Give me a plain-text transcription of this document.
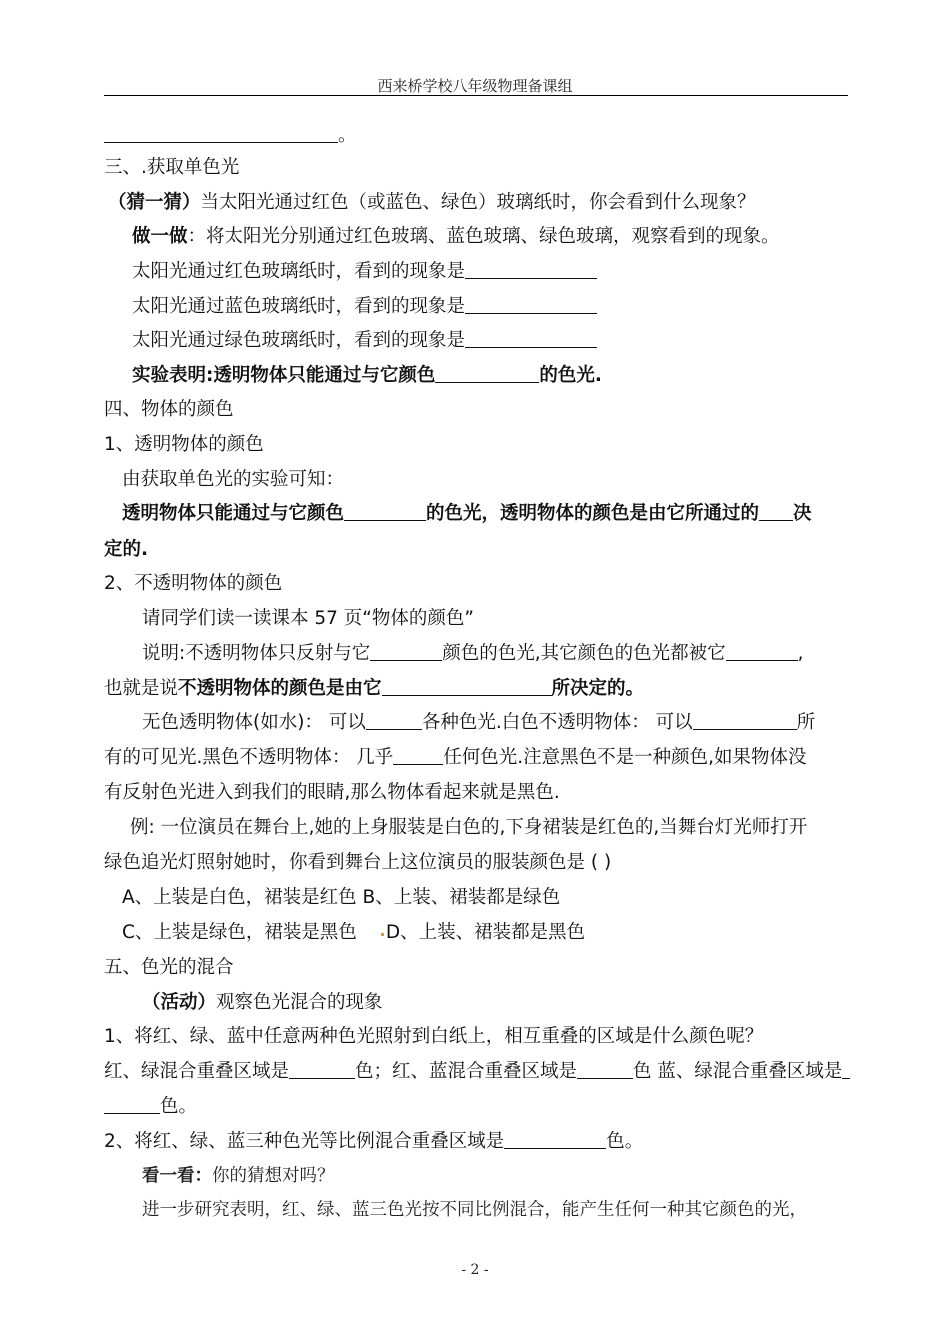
西来桥学校八年级物理备课组
。
三、.获取单色光
（猜一猜）当太阳光通过红色（或蓝色、绿色）玻璃纸时，你会看到什么现象？
做一做：将太阳光分别通过红色玻璃、蓝色玻璃、绿色玻璃，观察看到的现象。
太阳光通过红色玻璃纸时，看到的现象是
太阳光通过蓝色玻璃纸时，看到的现象是
太阳光通过绿色玻璃纸时，看到的现象是
实验表明:透明物体只能通过与它颜色	的色光.
四、物体的颜色
1、透明物体的颜色
由获取单色光的实验可知：
透明物体只能通过与它颜色	的色光，透明物体的颜色是由它所通过的 决
定的.
2、不透明物体的颜色
请同学们读一读课本 57 页“物体的颜色”
说明:不透明物体只反射与它	颜色的色光,其它颜色的色光都被它	,
也就是说不透明物体的颜色是由它	所决定的。
无色透明物体(如水)： 可以	各种色光.白色不透明物体： 可以	所
有的可见光.黑色不透明物体： 几乎	任何色光.注意黑色不是一种颜色,如果物体没
有反射色光进入到我们的眼睛,那么物体看起来就是黑色.
例: 一位演员在舞台上,她的上身服装是白色的,下身裙装是红色的,当舞台灯光师打开
绿色追光灯照射她时，你看到舞台上这位演员的服装颜色是 ( )
A、上装是白色，裙装是红色 B、上装、裙装都是绿色
C、上装是绿色，裙装是黑色 D、上装、裙装都是黑色
五、色光的混合
（活动）观察色光混合的现象
1、将红、绿、蓝中任意两种色光照射到白纸上，相互重叠的区域是什么颜色呢？
红、绿混合重叠区域是	色；红、蓝混合重叠区域是	色 蓝、绿混合重叠区域是
色。
2、将红、绿、蓝三种色光等比例混合重叠区域是	色。
看一看：你的猜想对吗？
进一步研究表明，红、绿、蓝三色光按不同比例混合，能产生任何一种其它颜色的光，
- 2 -
